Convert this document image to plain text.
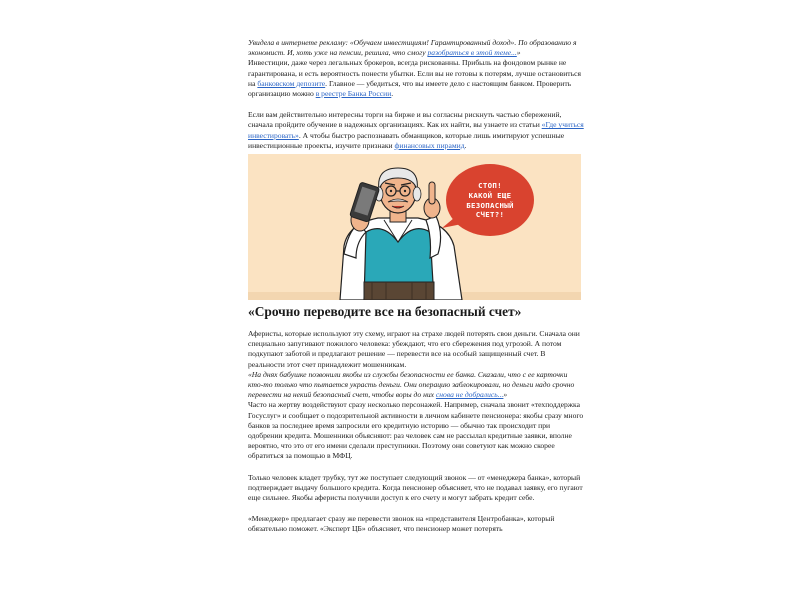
Увидела в интернете рекламу: «Обучаем инвестициям! Гарантированный доход». По образованию я экономист. И, хоть уже на пенсии, решила, что смогу разобраться в этой теме...»

Инвестиции, даже через легальных брокеров, всегда рискованны. Прибыль на фондовом рынке не гарантирована, и есть вероятность понести убытки. Если вы не готовы к потерям, лучше остановиться на банковском депозите. Главное — убедиться, что вы имеете дело с настоящим банком. Проверить организацию можно в реестре Банка России.

Если вам действительно интересны торги на бирже и вы согласны рискнуть частью сбережений, сначала пройдите обучение в надежных организациях. Как их найти, вы узнаете из статьи «Где учиться инвестировать». А чтобы быстро распознавать обманщиков, которые лишь имитируют успешные инвестиционные проекты, изучите признаки финансовых пирамид.

СТОП!
КАКОЙ ЕЩЕ
БЕЗОПАСНЫЙ
СЧЕТ?!
«Срочно переводите все на безопасный счет»

Аферисты, которые используют эту схему, играют на страхе людей потерять свои деньги. Сначала они специально запугивают пожилого человека: убеждают, что его сбережения под угрозой. А потом подкупают заботой и предлагают решение — перевести все на особый защищенный счет. В реальности этот счет принадлежит мошенникам.

«На днях бабушке позвонили якобы из службы безопасности ее банка. Сказали, что с ее карточки кто-то только что пытается украсть деньги. Они операцию заблокировали, но деньги надо срочно перевести на некий безопасный счет, чтобы воры до них снова не добрались...»

Часто на жертву воздействуют сразу несколько персонажей. Например, сначала звонит «техподдержка Госуслуг» и сообщает о подозрительной активности в личном кабинете пенсионера: якобы сразу много банков за последнее время запросили его кредитную историю — обычно так происходит при одобрении кредита. Мошенники объясняют: раз человек сам не рассылал кредитные заявки, вполне вероятно, что это от его имени сделали преступники. Поэтому они советуют как можно скорее обратиться за помощью в МФЦ.

Только человек кладет трубку, тут же поступает следующий звонок — от «менеджера банка», который подтверждает выдачу большого кредита. Когда пенсионер объясняет, что не подавал заявку, его пугают еще сильнее. Якобы аферисты получили доступ к его счету и могут забрать кредит себе.

«Менеджер» предлагает сразу же перевести звонок на «представителя Центробанка», который обязательно поможет. «Эксперт ЦБ» объясняет, что пенсионер может потерять
